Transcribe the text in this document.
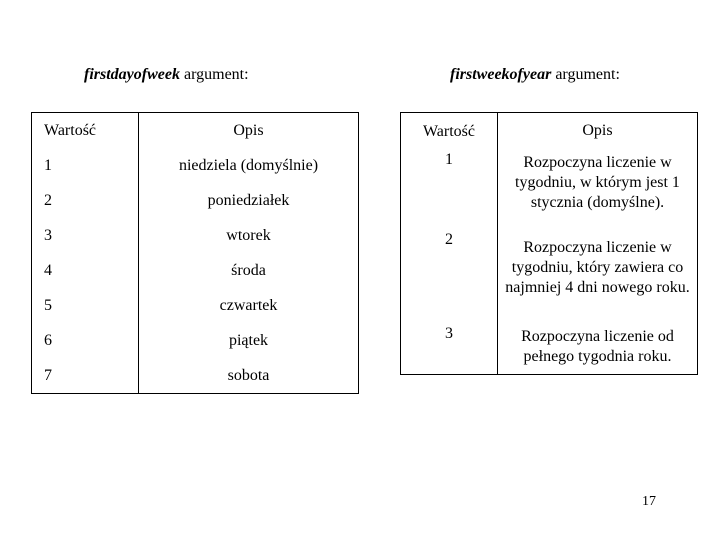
firstdayofweek argument:	firstweekofyear argument:
Wartość	Opis
1	niedziela (domyślnie)
2	poniedziałek
3	wtorek
4	środa
5	czwartek
6	piątek
7	sobota
Wartość	Opis
1	Rozpoczyna liczenie w tygodniu, w którym jest 1 stycznia (domyślne).
2	Rozpoczyna liczenie w tygodniu, który zawiera co najmniej 4 dni nowego roku.
3	Rozpoczyna liczenie od pełnego tygodnia roku.
17
